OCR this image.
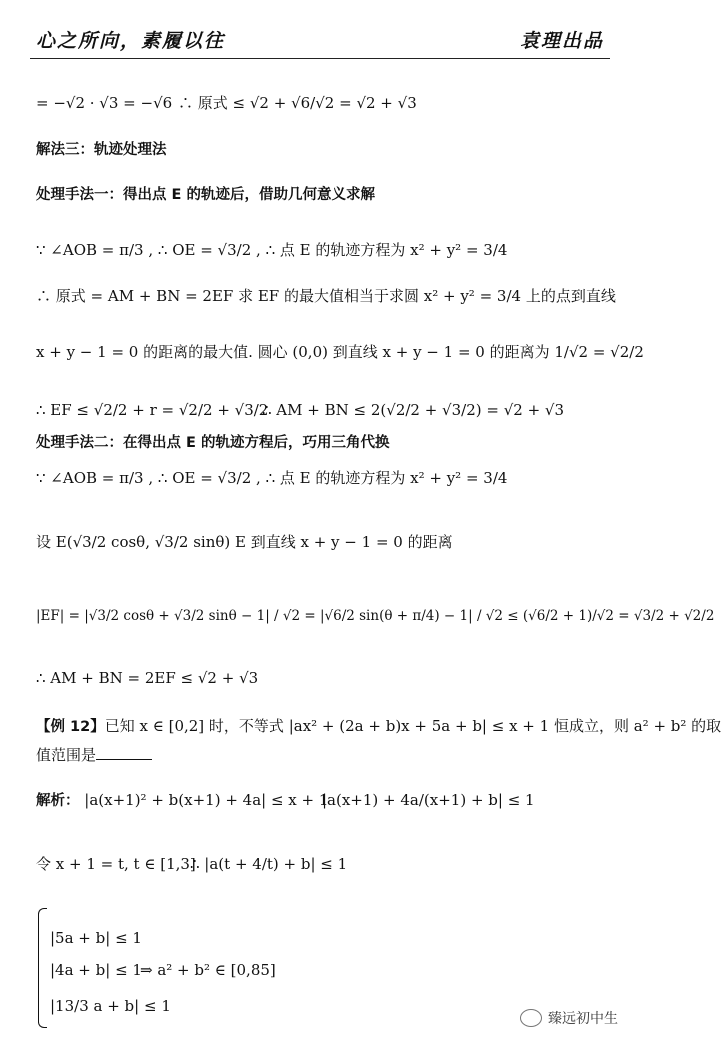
心之所向，素履以往	袁理出品
= −√2 · √3 = −√6 ∴ 原式 ≤ √2 + √6/√2 = √2 + √3
解法三：轨迹处理法
处理手法一：得出点 E 的轨迹后，借助几何意义求解
∵ ∠AOB = π/3 , ∴ OE = √3/2 , ∴ 点 E 的轨迹方程为 x² + y² = 3/4
∴ 原式 = AM + BN = 2EF 求 EF 的最大值相当于求圆 x² + y² = 3/4 上的点到直线
x + y − 1 = 0 的距离的最大值. 圆心 (0,0) 到直线 x + y − 1 = 0 的距离为 1/√2 = √2/2
∴ EF ≤ √2/2 + r = √2/2 + √3/2
∴ AM + BN ≤ 2(√2/2 + √3/2) = √2 + √3
处理手法二：在得出点 E 的轨迹方程后，巧用三角代换
∵ ∠AOB = π/3 , ∴ OE = √3/2 , ∴ 点 E 的轨迹方程为 x² + y² = 3/4
设 E(√3/2 cosθ, √3/2 sinθ) E 到直线 x + y − 1 = 0 的距离
|EF| = |√3/2 cosθ + √3/2 sinθ − 1| / √2 = |√6/2 sin(θ + π/4) − 1| / √2 ≤ (√6/2 + 1)/√2 = √3/2 + √2/2
∴ AM + BN = 2EF ≤ √2 + √3
【例 12】已知 x ∈ [0,2] 时，不等式 |ax² + (2a + b)x + 5a + b| ≤ x + 1 恒成立，则 a² + b² 的取
值范围是
解析： |a(x+1)² + b(x+1) + 4a| ≤ x + 1
|a(x+1) + 4a/(x+1) + b| ≤ 1
令 x + 1 = t, t ∈ [1,3]
∴ |a(t + 4/t) + b| ≤ 1
|5a + b| ≤ 1
|4a + b| ≤ 1
⇒ a² + b² ∈ [0,85]
|13/3 a + b| ≤ 1
臻远初中生
